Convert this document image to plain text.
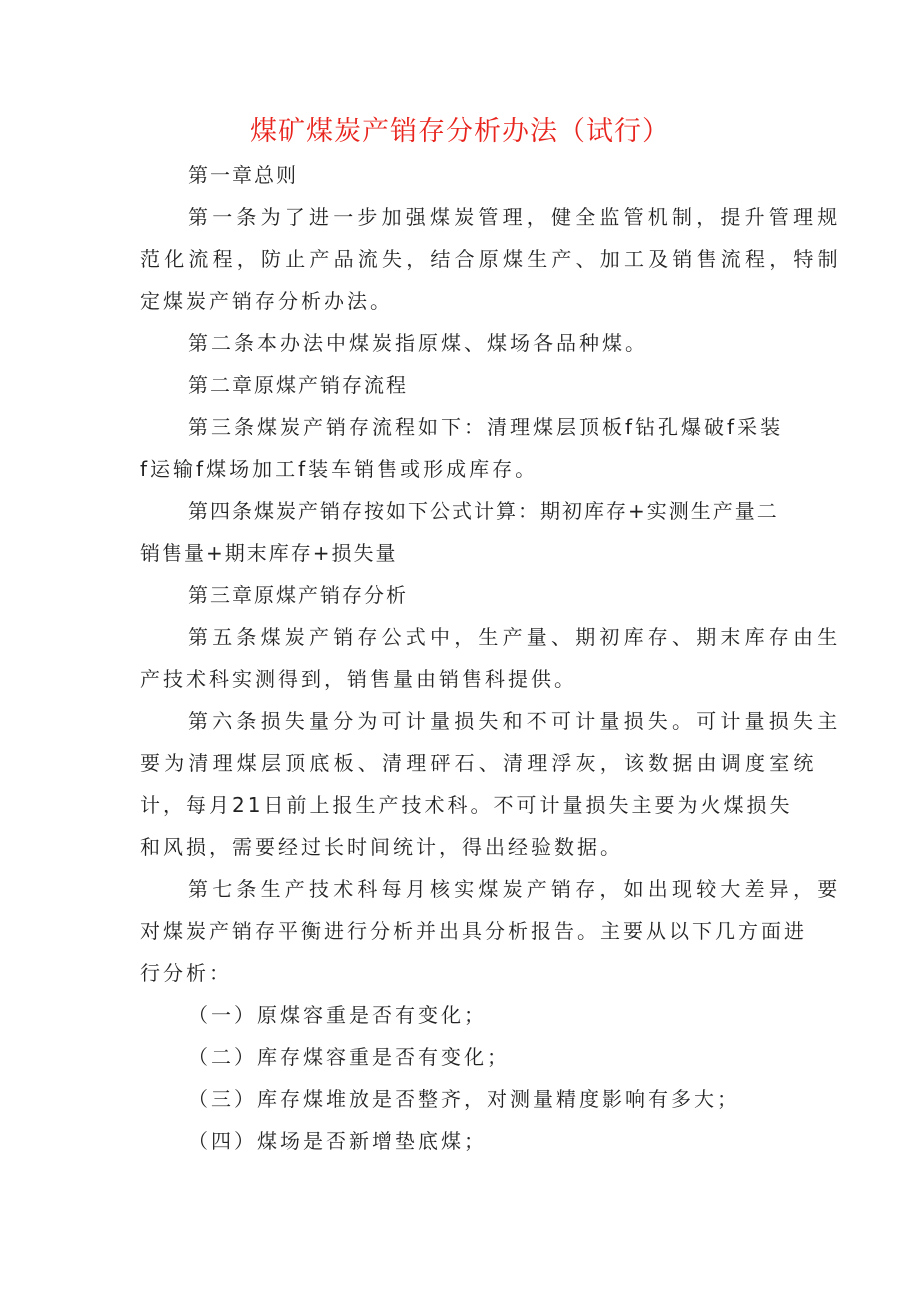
煤矿煤炭产销存分析办法（试行）
第一章总则
第一条为了进一步加强煤炭管理，健全监管机制，提升管理规
范化流程，防止产品流失，结合原煤生产、加工及销售流程，特制
定煤炭产销存分析办法。
第二条本办法中煤炭指原煤、煤场各品种煤。
第二章原煤产销存流程
第三条煤炭产销存流程如下：清理煤层顶板f钻孔爆破f采装
f运输f煤场加工f装车销售或形成库存。
第四条煤炭产销存按如下公式计算：期初库存+实测生产量二
销售量+期末库存+损失量
第三章原煤产销存分析
第五条煤炭产销存公式中，生产量、期初库存、期末库存由生
产技术科实测得到，销售量由销售科提供。
第六条损失量分为可计量损失和不可计量损失。可计量损失主
要为清理煤层顶底板、清理砰石、清理浮灰，该数据由调度室统
计，每月21日前上报生产技术科。不可计量损失主要为火煤损失
和风损，需要经过长时间统计，得出经验数据。
第七条生产技术科每月核实煤炭产销存，如出现较大差异，要
对煤炭产销存平衡进行分析并出具分析报告。主要从以下几方面进
行分析：
（一）原煤容重是否有变化；
（二）库存煤容重是否有变化；
（三）库存煤堆放是否整齐，对测量精度影响有多大；
（四）煤场是否新增垫底煤；
